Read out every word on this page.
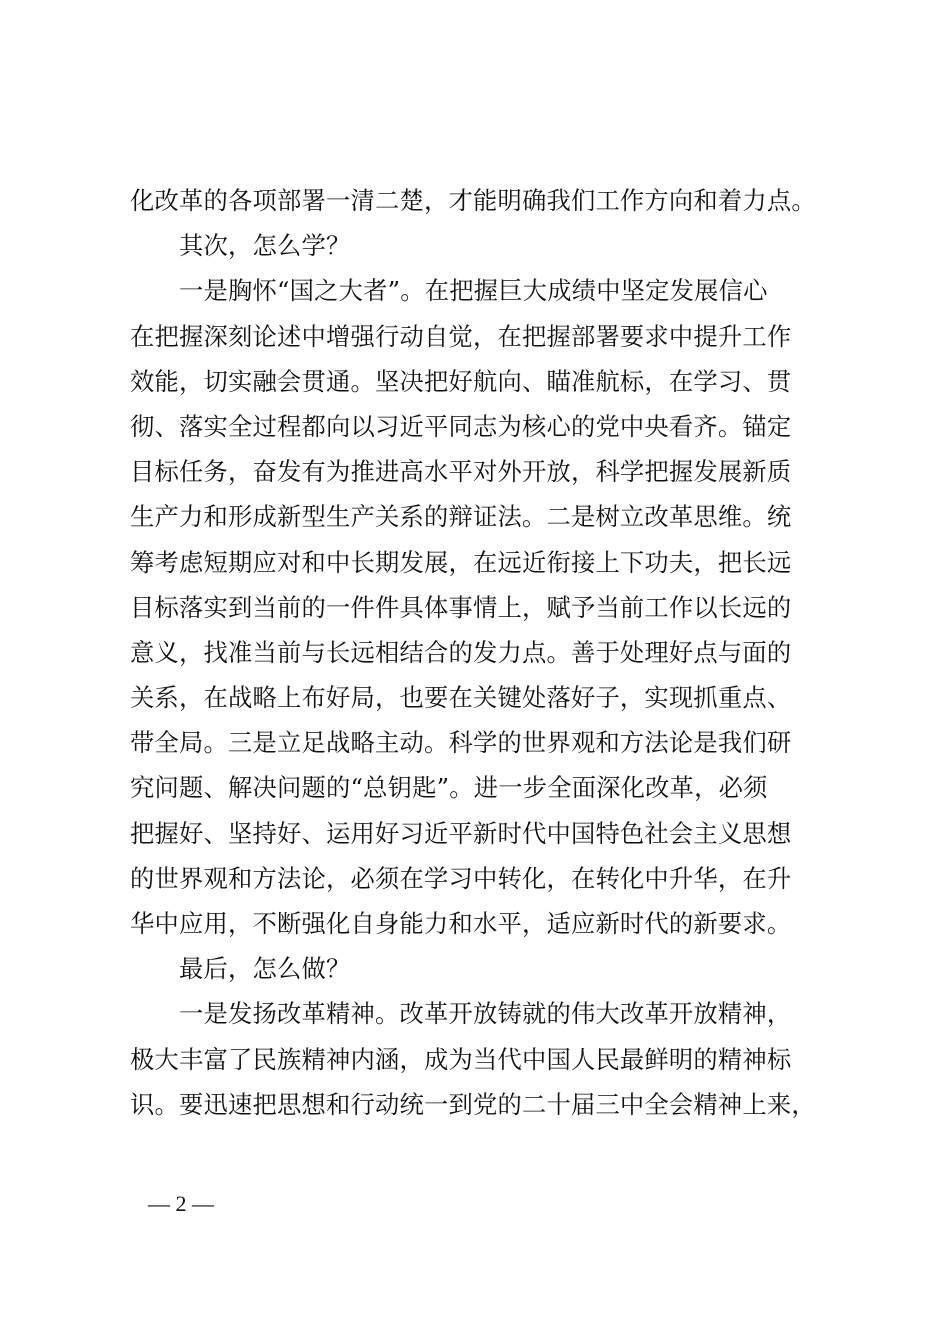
化改革的各项部署一清二楚，才能明确我们工作方向和着力点。
其次，怎么学？
一是胸怀“国之大者”。在把握巨大成绩中坚定发展信心
在把握深刻论述中增强行动自觉，在把握部署要求中提升工作
效能，切实融会贯通。坚决把好航向、瞄准航标，在学习、贯
彻、落实全过程都向以习近平同志为核心的党中央看齐。锚定
目标任务，奋发有为推进高水平对外开放，科学把握发展新质
生产力和形成新型生产关系的辩证法。二是树立改革思维。统
筹考虑短期应对和中长期发展，在远近衔接上下功夫，把长远
目标落实到当前的一件件具体事情上，赋予当前工作以长远的
意义，找准当前与长远相结合的发力点。善于处理好点与面的
关系，在战略上布好局，也要在关键处落好子，实现抓重点、
带全局。三是立足战略主动。科学的世界观和方法论是我们研
究问题、解决问题的“总钥匙”。进一步全面深化改革，必须
把握好、坚持好、运用好习近平新时代中国特色社会主义思想
的世界观和方法论，必须在学习中转化，在转化中升华，在升
华中应用，不断强化自身能力和水平，适应新时代的新要求。
最后，怎么做？
一是发扬改革精神。改革开放铸就的伟大改革开放精神，
极大丰富了民族精神内涵，成为当代中国人民最鲜明的精神标
识。要迅速把思想和行动统一到党的二十届三中全会精神上来，
— 2 —
